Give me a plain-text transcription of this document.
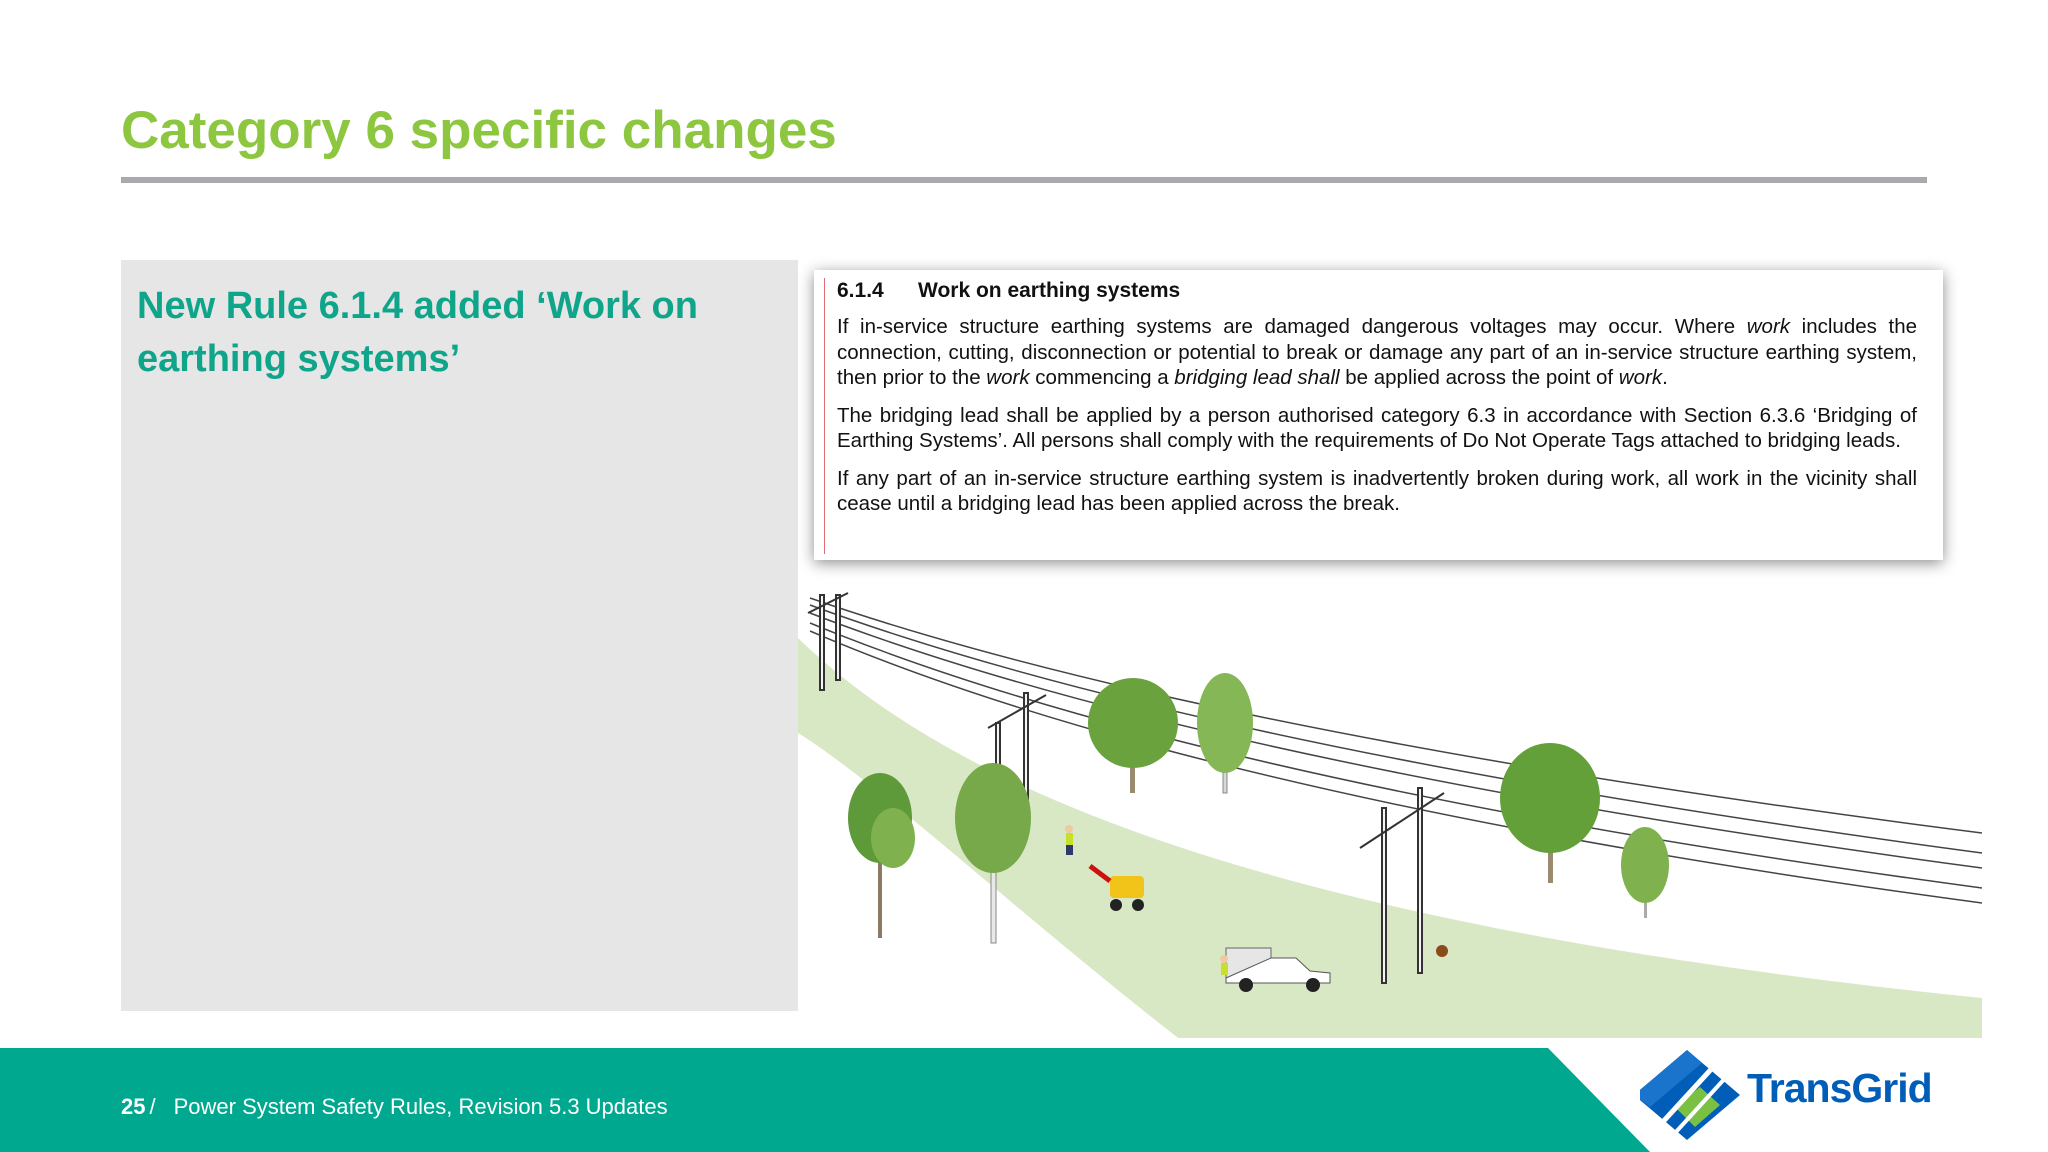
Category 6 specific changes

New Rule 6.1.4 added ‘Work on earthing systems’

6.1.4 Work on earthing systems

If in-service structure earthing systems are damaged dangerous voltages may occur. Where work includes the connection, cutting, disconnection or potential to break or damage any part of an in-service structure earthing system, then prior to the work commencing a bridging lead shall be applied across the point of work.

The bridging lead shall be applied by a person authorised category 6.3 in accordance with Section 6.3.6 ‘Bridging of Earthing Systems’. All persons shall comply with the requirements of Do Not Operate Tags attached to bridging leads.

If any part of an in-service structure earthing system is inadvertently broken during work, all work in the vicinity shall cease until a bridging lead has been applied across the break.

25 / Power System Safety Rules, Revision 5.3 Updates	TransGrid
